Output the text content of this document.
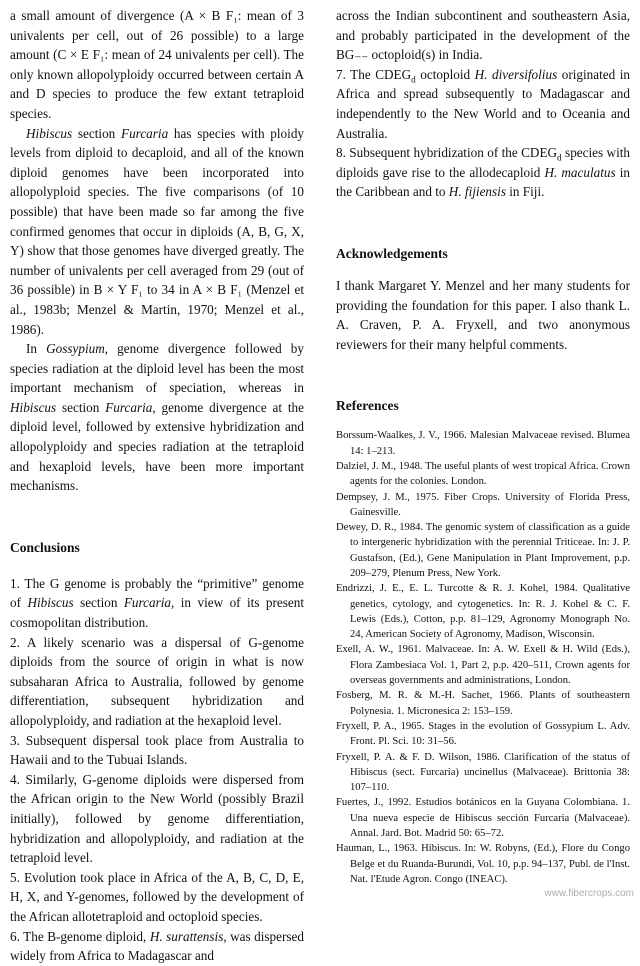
a small amount of divergence (A × B F₁: mean of 3 univalents per cell, out of 26 possible) to a large amount (C × E F₁: mean of 24 univalents per cell). The only known allopolyploidy occurred between certain A and D species to produce the few extant tetraploid species.

Hibiscus section Furcaria has species with ploidy levels from diploid to decaploid, and all of the known diploid genomes have been incorporated into allopolyploid species. The five comparisons (of 10 possible) that have been made so far among the five confirmed genomes that occur in diploids (A, B, G, X, Y) show that those genomes have diverged greatly. The number of univalents per cell averaged from 29 (out of 36 possible) in B × Y F₁ to 34 in A × B F₁ (Menzel et al., 1983b; Menzel & Martin, 1970; Menzel et al., 1986).

In Gossypium, genome divergence followed by species radiation at the diploid level has been the most important mechanism of speciation, whereas in Hibiscus section Furcaria, genome divergence at the diploid level, followed by extensive hybridization and allopolyploidy and species radiation at the tetraploid and hexaploid levels, have been more important mechanisms.

Conclusions

1. The G genome is probably the “primitive” genome of Hibiscus section Furcaria, in view of its present cosmopolitan distribution.

2. A likely scenario was a dispersal of G-genome diploids from the source of origin in what is now subsaharan Africa to Australia, followed by genome differentiation, subsequent hybridization and allopolyploidy, and radiation at the hexaploid level.

3. Subsequent dispersal took place from Australia to Hawaii and to the Tubuai Islands.

4. Similarly, G-genome diploids were dispersed from the African origin to the New World (possibly Brazil initially), followed by genome differentiation, hybridization and allopolyploidy, and radiation at the tetraploid level.

5. Evolution took place in Africa of the A, B, C, D, E, H, X, and Y-genomes, followed by the development of the African allotetraploid and octoploid species.

6. The B-genome diploid, H. surattensis, was dispersed widely from Africa to Madagascar and

across the Indian subcontinent and southeastern Asia, and probably participated in the development of the BG₋₋ octoploid(s) in India.

7. The $CDEG_d$ octoploid H. diversifolius originated in Africa and spread subsequently to Madagascar and independently to the New World and to Oceania and Australia.

8. Subsequent hybridization of the $CDEG_d$ species with diploids gave rise to the allodecaploid H. maculatus in the Caribbean and to H. fijiensis in Fiji.

Acknowledgements

I thank Margaret Y. Menzel and her many students for providing the foundation for this paper. I also thank L. A. Craven, P. A. Fryxell, and two anonymous reviewers for their many helpful comments.

References

Borssum-Waalkes, J. V., 1966. Malesian Malvaceae revised. Blumea 14: 1–213.

Dalziel, J. M., 1948. The useful plants of west tropical Africa. Crown agents for the colonies. London.

Dempsey, J. M., 1975. Fiber Crops. University of Florida Press, Gainesville.

Dewey, D. R., 1984. The genomic system of classification as a guide to intergeneric hybridization with the perennial Triticeae. In: J. P. Gustafson, (Ed.), Gene Manipulation in Plant Improvement, p.p. 209–279, Plenum Press, New York.

Endrizzi, J. E., E. L. Turcotte & R. J. Kohel, 1984. Qualitative genetics, cytology, and cytogenetics. In: R. J. Kohel & C. F. Lewis (Eds.), Cotton, p.p. 81–129, Agronomy Monograph No. 24, American Society of Agronomy, Madison, Wisconsin.

Exell, A. W., 1961. Malvaceae. In: A. W. Exell & H. Wild (Eds.), Flora Zambesiaca Vol. 1, Part 2, p.p. 420–511, Crown agents for overseas governments and administrations, London.

Fosberg, M. R. & M.-H. Sachet, 1966. Plants of southeastern Polynesia. 1. Micronesica 2: 153–159.

Fryxell, P. A., 1965. Stages in the evolution of Gossypium L. Adv. Front. Pl. Sci. 10: 31–56.

Fryxell, P. A. & F. D. Wilson, 1986. Clarification of the status of Hibiscus (sect. Furcaria) uncinellus (Malvaceae). Brittonia 38: 107–110.

Fuertes, J., 1992. Estudios botánicos en la Guyana Colombiana. 1. Una nueva especie de Hibiscus sección Furcaria (Malvaceae). Annal. Jard. Bot. Madrid 50: 65–72.

Hauman, L., 1963. Hibiscus. In: W. Robyns, (Ed.), Flore du Congo Belge et du Ruanda-Burundi, Vol. 10, p.p. 94–137, Publ. de l'Inst. Nat. l'Etude Agron. Congo (INEAC).

www.fibercrops.com
